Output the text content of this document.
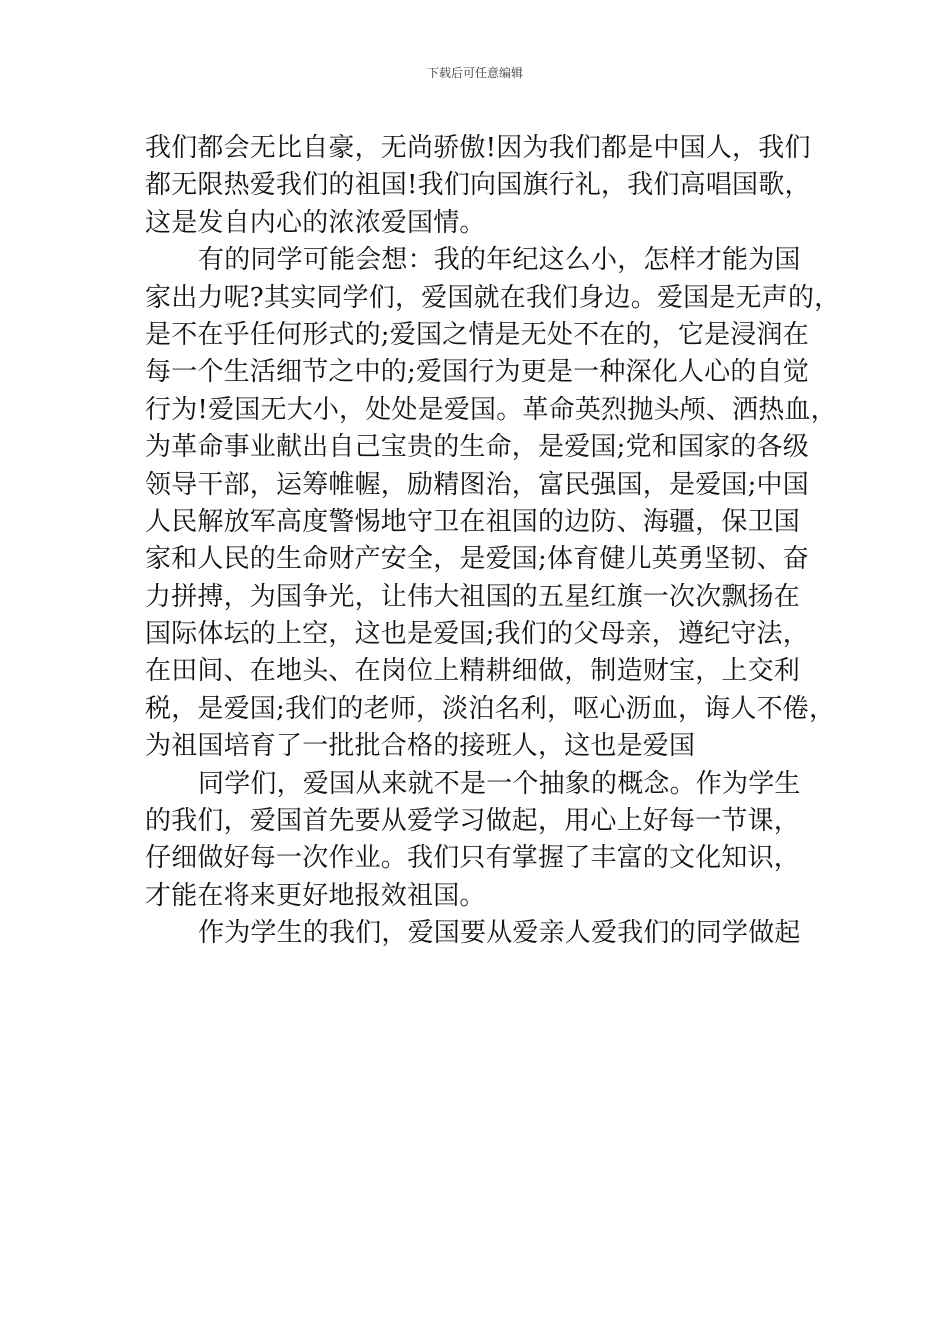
下载后可任意编辑
我们都会无比自豪，无尚骄傲!因为我们都是中国人，我们
都无限热爱我们的祖国!我们向国旗行礼，我们高唱国歌，
这是发自内心的浓浓爱国情。
有的同学可能会想：我的年纪这么小，怎样才能为国
家出力呢?其实同学们，爱国就在我们身边。爱国是无声的，
是不在乎任何形式的;爱国之情是无处不在的，它是浸润在
每一个生活细节之中的;爱国行为更是一种深化人心的自觉
行为!爱国无大小，处处是爱国。革命英烈抛头颅、洒热血，
为革命事业献出自己宝贵的生命，是爱国;党和国家的各级
领导干部，运筹帷幄，励精图治，富民强国，是爱国;中国
人民解放军高度警惕地守卫在祖国的边防、海疆，保卫国
家和人民的生命财产安全，是爱国;体育健儿英勇坚韧、奋
力拼搏，为国争光，让伟大祖国的五星红旗一次次飘扬在
国际体坛的上空，这也是爱国;我们的父母亲，遵纪守法，
在田间、在地头、在岗位上精耕细做，制造财宝，上交利
税，是爱国;我们的老师，淡泊名利，呕心沥血，诲人不倦，
为祖国培育了一批批合格的接班人，这也是爱国
同学们，爱国从来就不是一个抽象的概念。作为学生
的我们，爱国首先要从爱学习做起，用心上好每一节课，
仔细做好每一次作业。我们只有掌握了丰富的文化知识，
才能在将来更好地报效祖国。
作为学生的我们，爱国要从爱亲人爱我们的同学做起
